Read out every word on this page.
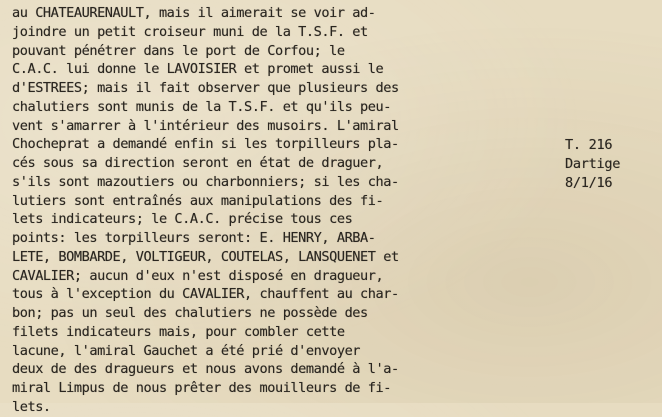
au CHATEAURENAULT, mais il aimerait se voir ad-
joindre un petit croiseur muni de la T.S.F. et
pouvant pénétrer dans le port de Corfou; le
C.A.C. lui donne le LAVOISIER et promet aussi le
d'ESTREES; mais il fait observer que plusieurs des
chalutiers sont munis de la T.S.F. et qu'ils peu-
vent s'amarrer à l'intérieur des musoirs. L'amiral
Chocheprat a demandé enfin si les torpilleurs pla-
cés sous sa direction seront en état de draguer,
s'ils sont mazoutiers ou charbonniers; si les cha-
lutiers sont entraînés aux manipulations des fi-
lets indicateurs; le C.A.C. précise tous ces
points: les torpilleurs seront: E. HENRY, ARBA-
LETE, BOMBARDE, VOLTIGEUR, COUTELAS, LANSQUENET et
CAVALIER; aucun d'eux n'est disposé en dragueur,
tous à l'exception du CAVALIER, chauffent au char-
bon; pas un seul des chalutiers ne possède des
filets indicateurs mais, pour combler cette
lacune, l'amiral Gauchet a été prié d'envoyer
deux de des dragueurs et nous avons demandé à l'a-
miral Limpus de nous prêter des mouilleurs de fi-
lets.
T. 216
Dartige
8/1/16
